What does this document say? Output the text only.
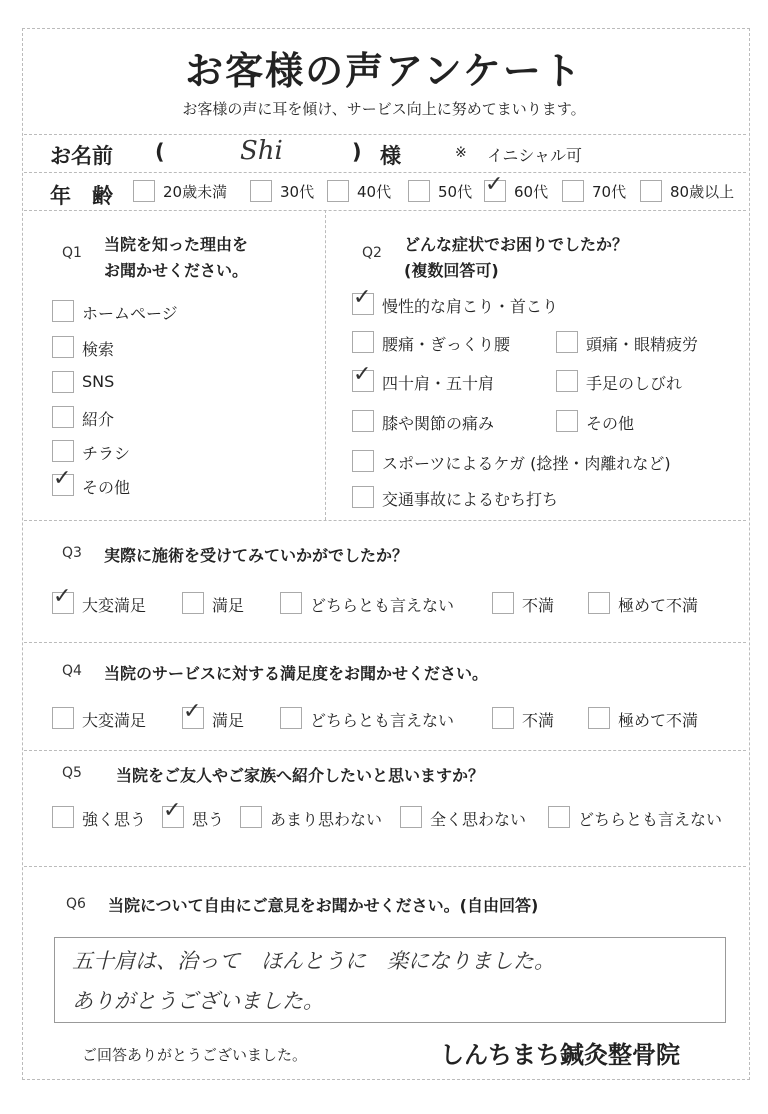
お客様の声アンケート
お客様の声に耳を傾け、サービス向上に努めてまいります。
お名前 (	Shi	) 様	※ イニシャル可
年　齢	20歳未満	30代	40代	50代 ✓ 60代	70代	80歳以上
Q1 当院を知った理由を
お聞かせください。
ホームページ
検索
SNS
紹介
チラシ
✓ その他
Q2 どんな症状でお困りでしたか？
(複数回答可)
✓ 慢性的な肩こり・首こり
腰痛・ぎっくり腰	頭痛・眼精疲労
✓ 四十肩・五十肩	手足のしびれ
膝や関節の痛み	その他
スポーツによるケガ (捻挫・肉離れなど)
交通事故によるむち打ち
Q3 実際に施術を受けてみていかがでしたか？
✓ 大変満足	満足	どちらとも言えない	不満	極めて不満
Q4 当院のサービスに対する満足度をお聞かせください。
大変満足 ✓ 満足	どちらとも言えない	不満	極めて不満
Q5 当院をご友人やご家族へ紹介したいと思いますか？
強く思う ✓ 思う	あまり思わない	全く思わない	どちらとも言えない
Q6 当院について自由にご意見をお聞かせください。(自由回答)
五十肩は、治って　ほんとうに　楽になりました。
ありがとうございました。
ご回答ありがとうございました。	しんちまち鍼灸整骨院
